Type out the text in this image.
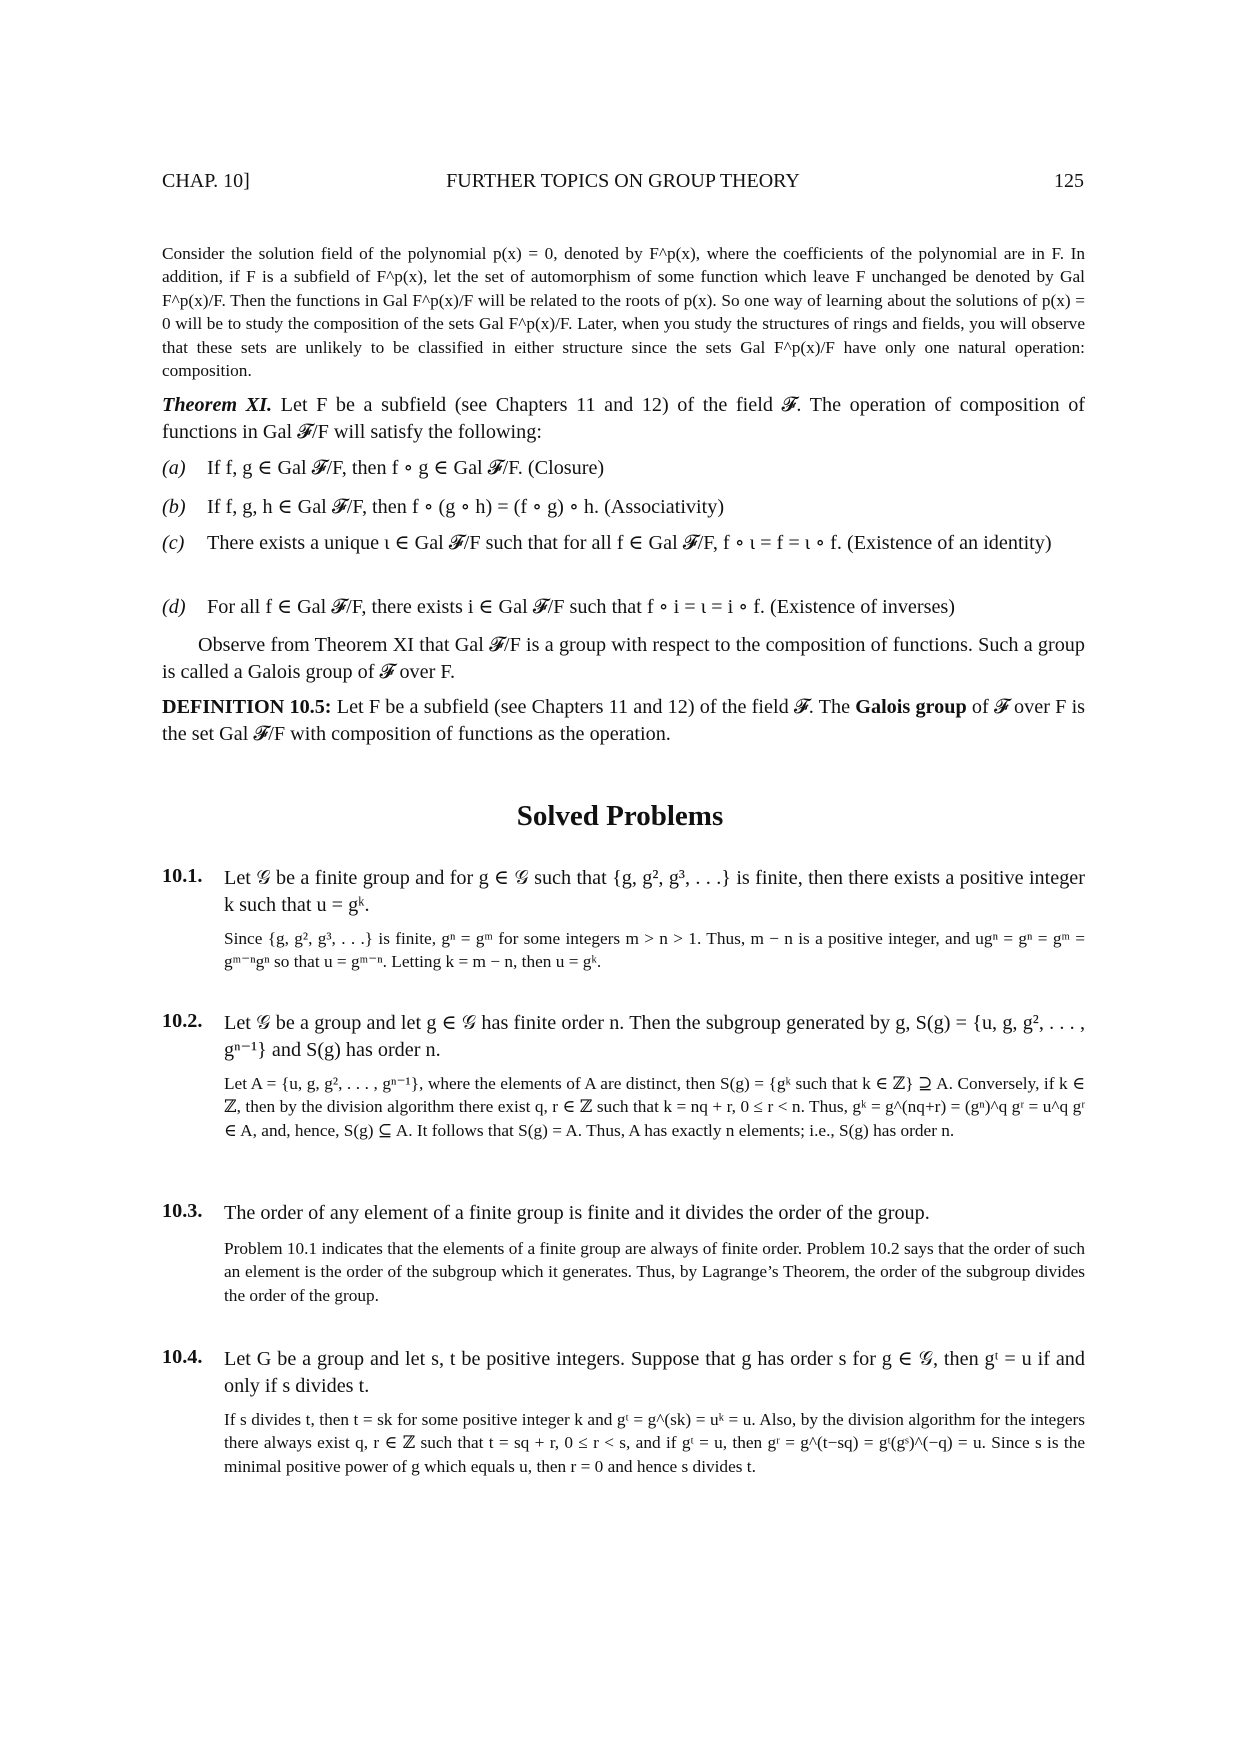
CHAP. 10]	FURTHER TOPICS ON GROUP THEORY	125

Consider the solution field of the polynomial p(x) = 0, denoted by F^p(x), where the coefficients of the polynomial are in F. In addition, if F is a subfield of F^p(x), let the set of automorphism of some function which leave F unchanged be denoted by Gal F^p(x)/F. Then the functions in Gal F^p(x)/F will be related to the roots of p(x). So one way of learning about the solutions of p(x) = 0 will be to study the composition of the sets Gal F^p(x)/F. Later, when you study the structures of rings and fields, you will observe that these sets are unlikely to be classified in either structure since the sets Gal F^p(x)/F have only one natural operation: composition.

Theorem XI. Let F be a subfield (see Chapters 11 and 12) of the field 𝓕. The operation of composition of functions in Gal 𝓕/F will satisfy the following:
(a) If f, g ∈ Gal 𝓕/F, then f ∘ g ∈ Gal 𝓕/F. (Closure)
(b) If f, g, h ∈ Gal 𝓕/F, then f ∘ (g ∘ h) = (f ∘ g) ∘ h. (Associativity)
(c) There exists a unique ι ∈ Gal 𝓕/F such that for all f ∈ Gal 𝓕/F, f ∘ ι = f = ι ∘ f. (Existence of an identity)
(d) For all f ∈ Gal 𝓕/F, there exists i ∈ Gal 𝓕/F such that f ∘ i = ι = i ∘ f. (Existence of inverses)

Observe from Theorem XI that Gal 𝓕/F is a group with respect to the composition of functions. Such a group is called a Galois group of 𝓕 over F.

DEFINITION 10.5: Let F be a subfield (see Chapters 11 and 12) of the field 𝓕. The Galois group of 𝓕 over F is the set Gal 𝓕/F with composition of functions as the operation.
Solved Problems
10.1. Let 𝒢 be a finite group and for g ∈ 𝒢 such that {g, g², g³, . . .} is finite, then there exists a positive integer k such that u = gᵏ.
Since {g, g², g³, . . .} is finite, gⁿ = gᵐ for some integers m > n > 1. Thus, m − n is a positive integer, and ugⁿ = gⁿ = gᵐ = gᵐ⁻ⁿgⁿ so that u = gᵐ⁻ⁿ. Letting k = m − n, then u = gᵏ.
10.2. Let 𝒢 be a group and let g ∈ 𝒢 has finite order n. Then the subgroup generated by g, S(g) = {u, g, g², . . . , gⁿ⁻¹} and S(g) has order n.
Let A = {u, g, g², . . . , gⁿ⁻¹}, where the elements of A are distinct, then S(g) = {gᵏ such that k ∈ ℤ} ⊇ A. Conversely, if k ∈ ℤ, then by the division algorithm there exist q, r ∈ ℤ such that k = nq + r, 0 ≤ r < n. Thus, gᵏ = g^(nq+r) = (gⁿ)^q gʳ = u^q gʳ ∈ A, and, hence, S(g) ⊆ A. It follows that S(g) = A. Thus, A has exactly n elements; i.e., S(g) has order n.
10.3. The order of any element of a finite group is finite and it divides the order of the group.
Problem 10.1 indicates that the elements of a finite group are always of finite order. Problem 10.2 says that the order of such an element is the order of the subgroup which it generates. Thus, by Lagrange’s Theorem, the order of the subgroup divides the order of the group.
10.4. Let G be a group and let s, t be positive integers. Suppose that g has order s for g ∈ 𝒢, then gᵗ = u if and only if s divides t.
If s divides t, then t = sk for some positive integer k and gᵗ = g^(sk) = uᵏ = u. Also, by the division algorithm for the integers there always exist q, r ∈ ℤ such that t = sq + r, 0 ≤ r < s, and if gᵗ = u, then gʳ = g^(t−sq) = gᵗ(gˢ)^(−q) = u. Since s is the minimal positive power of g which equals u, then r = 0 and hence s divides t.
